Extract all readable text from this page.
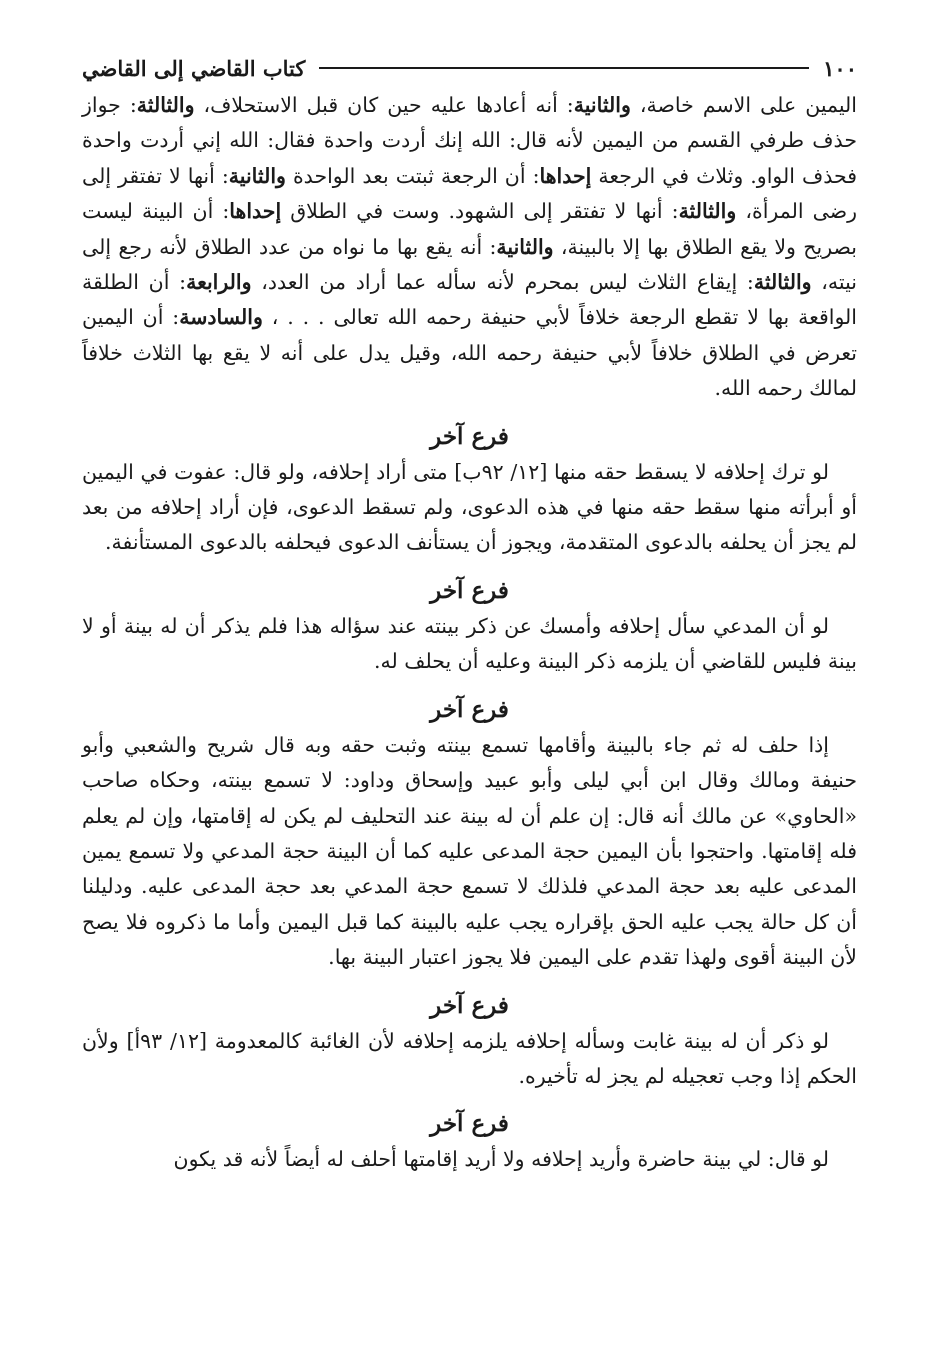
١٠٠
كتاب القاضي إلى القاضي

اليمين على الاسم خاصة، والثانية: أنه أعادها عليه حين كان قبل الاستحلاف، والثالثة: جواز حذف طرفي القسم من اليمين لأنه قال: الله إنك أردت واحدة فقال: الله إني أردت واحدة فحذف الواو. وثلاث في الرجعة إحداها: أن الرجعة ثبتت بعد الواحدة والثانية: أنها لا تفتقر إلى رضى المرأة، والثالثة: أنها لا تفتقر إلى الشهود. وست في الطلاق إحداها: أن البينة ليست بصريح ولا يقع الطلاق بها إلا بالبينة، والثانية: أنه يقع بها ما نواه من عدد الطلاق لأنه رجع إلى نيته، والثالثة: إيقاع الثلاث ليس بمحرم لأنه سأله عما أراد من العدد، والرابعة: أن الطلقة الواقعة بها لا تقطع الرجعة خلافاً لأبي حنيفة رحمه الله تعالى . . . ، والسادسة: أن اليمين تعرض في الطلاق خلافاً لأبي حنيفة رحمه الله، وقيل يدل على أنه لا يقع بها الثلاث خلافاً لمالك رحمه الله.

فرع آخر

لو ترك إحلافه لا يسقط حقه منها [١٢/ ٩٢ب] متى أراد إحلافه، ولو قال: عفوت في اليمين أو أبرأته منها سقط حقه منها في هذه الدعوى، ولم تسقط الدعوى، فإن أراد إحلافه من بعد لم يجز أن يحلفه بالدعوى المتقدمة، ويجوز أن يستأنف الدعوى فيحلفه بالدعوى المستأنفة.

فرع آخر

لو أن المدعي سأل إحلافه وأمسك عن ذكر بينته عند سؤاله هذا فلم يذكر أن له بينة أو لا بينة فليس للقاضي أن يلزمه ذكر البينة وعليه أن يحلف له.

فرع آخر

إذا حلف له ثم جاء بالبينة وأقامها تسمع بينته وثبت حقه وبه قال شريح والشعبي وأبو حنيفة ومالك وقال ابن أبي ليلى وأبو عبيد وإسحاق وداود: لا تسمع بينته، وحكاه صاحب «الحاوي» عن مالك أنه قال: إن علم أن له بينة عند التحليف لم يكن له إقامتها، وإن لم يعلم فله إقامتها. واحتجوا بأن اليمين حجة المدعى عليه كما أن البينة حجة المدعي ولا تسمع يمين المدعى عليه بعد حجة المدعي فلذلك لا تسمع حجة المدعي بعد حجة المدعى عليه. ودليلنا أن كل حالة يجب عليه الحق بإقراره يجب عليه بالبينة كما قبل اليمين وأما ما ذكروه فلا يصح لأن البينة أقوى ولهذا تقدم على اليمين فلا يجوز اعتبار البينة بها.

فرع آخر

لو ذكر أن له بينة غابت وسأله إحلافه يلزمه إحلافه لأن الغائبة كالمعدومة [١٢/ ٩٣أ] ولأن الحكم إذا وجب تعجيله لم يجز له تأخيره.

فرع آخر

لو قال: لي بينة حاضرة وأريد إحلافه ولا أريد إقامتها أحلف له أيضاً لأنه قد يكون
